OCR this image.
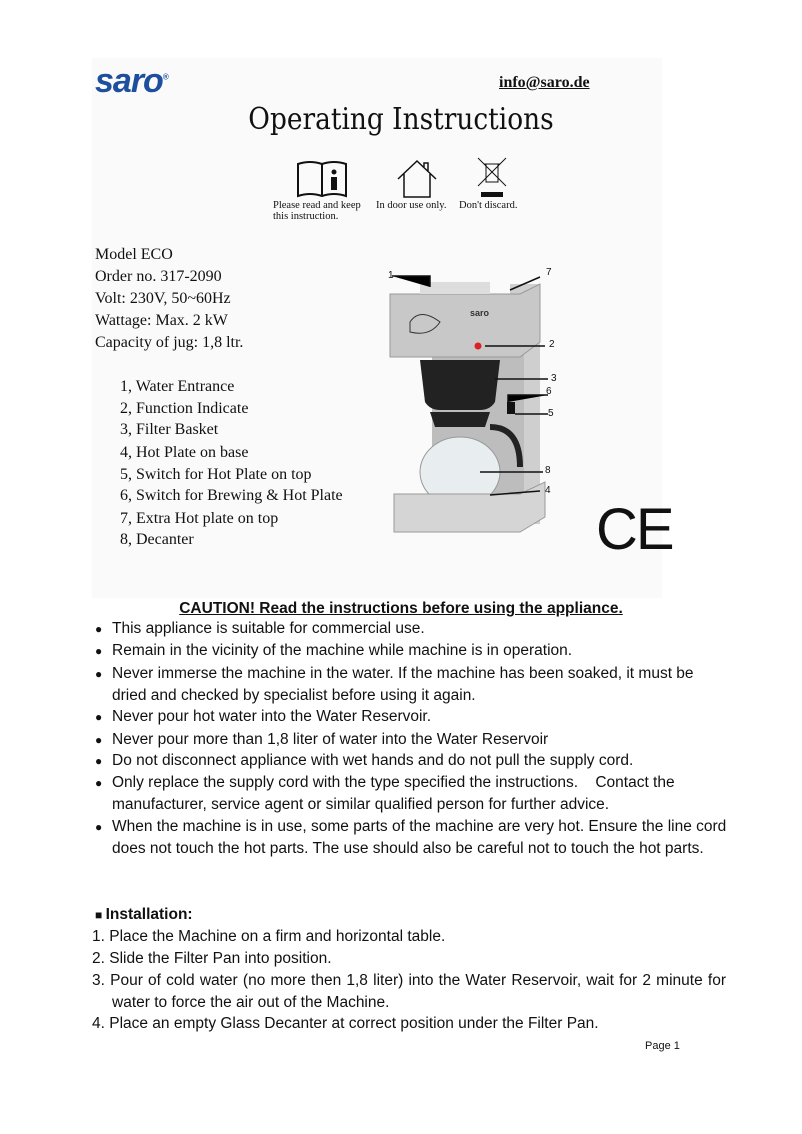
saro®	info@saro.de
Operating Instructions
Please read and keep this instruction.
In door use only. Don't discard.
Model ECO
Order no. 317-2090
Volt: 230V, 50~60Hz
Wattage: Max. 2 kW
Capacity of jug: 1,8 ltr.
1, Water Entrance
2, Function Indicate
3, Filter Basket
4, Hot Plate on base
5, Switch for Hot Plate on top
6, Switch for Brewing & Hot Plate
7, Extra Hot plate on top
8, Decanter
saro
1	7
2
3
6
5
8
4
CE
CAUTION! Read the instructions before using the appliance.
● This appliance is suitable for commercial use.
● Remain in the vicinity of the machine while machine is in operation.
● Never immerse the machine in the water. If the machine has been soaked, it must be dried and checked by specialist before using it again.
● Never pour hot water into the Water Reservoir.
● Never pour more than 1,8 liter of water into the Water Reservoir
● Do not disconnect appliance with wet hands and do not pull the supply cord.
● Only replace the supply cord with the type specified the instructions.    Contact the manufacturer, service agent or similar qualified person for further advice.
● When the machine is in use, some parts of the machine are very hot. Ensure the line cord does not touch the hot parts. The use should also be careful not to touch the hot parts.
■ Installation:
1. Place the Machine on a firm and horizontal table.
2. Slide the Filter Pan into position.
3. Pour of cold water (no more then 1,8 liter) into the Water Reservoir, wait for 2 minute for water to force the air out of the Machine.
4. Place an empty Glass Decanter at correct position under the Filter Pan.
Page 1
